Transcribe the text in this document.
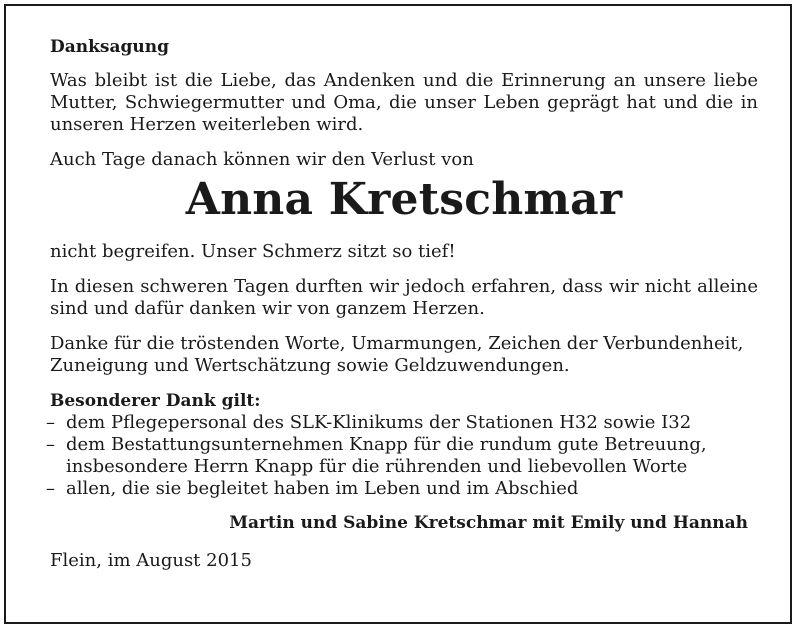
Danksagung

Was bleibt ist die Liebe, das Andenken und die Erinnerung an unsere liebe Mutter, Schwiegermutter und Oma, die unser Leben geprägt hat und die in unseren Herzen weiterleben wird.

Auch Tage danach können wir den Verlust von

Anna Kretschmar

nicht begreifen. Unser Schmerz sitzt so tief!

In diesen schweren Tagen durften wir jedoch erfahren, dass wir nicht alleine sind und dafür danken wir von ganzem Herzen.

Danke für die tröstenden Worte, Umarmungen, Zeichen der Verbundenheit, Zuneigung und Wertschätzung sowie Geldzuwendungen.

Besonderer Dank gilt:
– dem Pflegepersonal des SLK-Klinikums der Stationen H32 sowie I32
– dem Bestattungsunternehmen Knapp für die rundum gute Betreuung,
insbesondere Herrn Knapp für die rührenden und liebevollen Worte
– allen, die sie begleitet haben im Leben und im Abschied
Martin und Sabine Kretschmar mit Emily und Hannah

Flein, im August 2015
